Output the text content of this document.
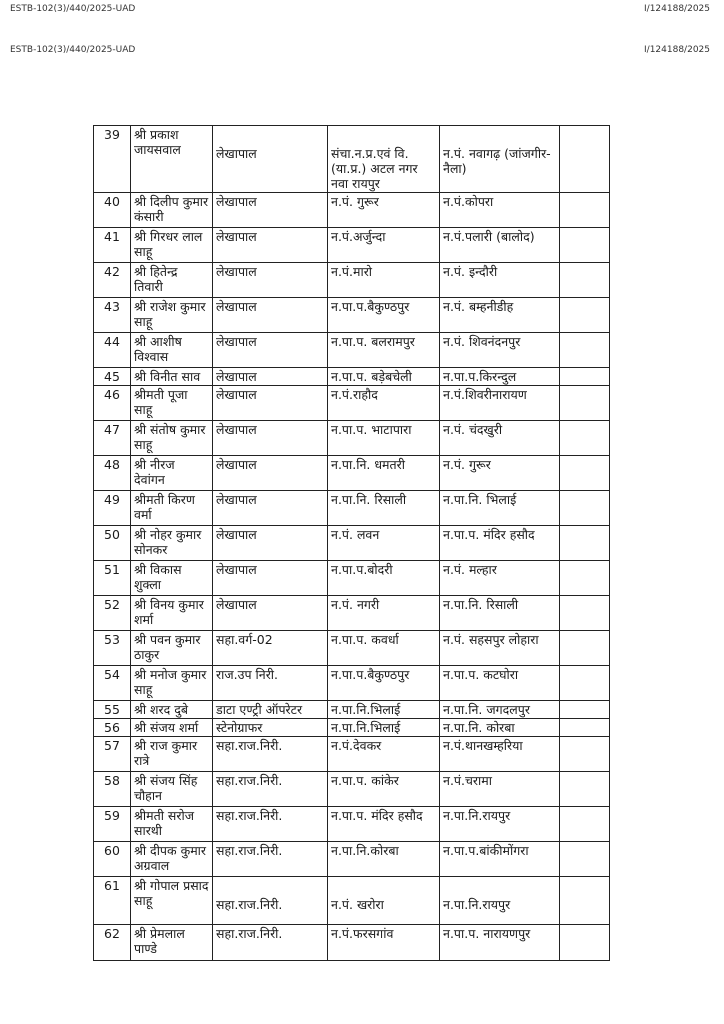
ESTB-102(3)/440/2025-UAD	I/124188/2025
ESTB-102(3)/440/2025-UAD	I/124188/2025
39	श्री प्रकाश जायसवाल	लेखापाल	संचा.न.प्र.एवं वि. (या.प्र.) अटल नगर नवा रायपुर	न.पं. नवागढ़ (जांजगीर-नैला)	
40	श्री दिलीप कुमार कंसारी	लेखापाल	न.पं. गुरूर	न.पं.कोपरा	
41	श्री गिरधर लाल साहू	लेखापाल	न.पं.अर्जुन्दा	न.पं.पलारी (बालोद)	
42	श्री हितेन्द्र तिवारी	लेखापाल	न.पं.मारो	न.पं. इन्दौरी	
43	श्री राजेश कुमार साहू	लेखापाल	न.पा.प.बैकुण्ठपुर	न.पं. बम्हनीडीह	
44	श्री आशीष विश्वास	लेखापाल	न.पा.प. बलरामपुर	न.पं. शिवनंदनपुर	
45	श्री विनीत साव	लेखापाल	न.पा.प. बड़ेबचेली	न.पा.प.किरन्दुल	
46	श्रीमती पूजा साहू	लेखापाल	न.पं.राहौद	न.पं.शिवरीनारायण	
47	श्री संतोष कुमार साहू	लेखापाल	न.पा.प. भाटापारा	न.पं. चंदखुरी	
48	श्री नीरज देवांगन	लेखापाल	न.पा.नि. धमतरी	न.पं. गुरूर	
49	श्रीमती किरण वर्मा	लेखापाल	न.पा.नि. रिसाली	न.पा.नि. भिलाई	
50	श्री नोहर कुमार सोनकर	लेखापाल	न.पं. लवन	न.पा.प. मंदिर हसौद	
51	श्री विकास शुक्ला	लेखापाल	न.पा.प.बोदरी	न.पं. मल्हार	
52	श्री विनय कुमार शर्मा	लेखापाल	न.पं. नगरी	न.पा.नि. रिसाली	
53	श्री पवन कुमार ठाकुर	सहा.वर्ग-02	न.पा.प. कवर्धा	न.पं. सहसपुर लोहारा	
54	श्री मनोज कुमार साहू	राज.उप निरी.	न.पा.प.बैकुण्ठपुर	न.पा.प. कटघोरा	
55	श्री शरद दुबे	डाटा एण्ट्री ऑपरेटर	न.पा.नि.भिलाई	न.पा.नि. जगदलपुर	
56	श्री संजय शर्मा	स्टेनोग्राफर	न.पा.नि.भिलाई	न.पा.नि. कोरबा	
57	श्री राज कुमार रात्रे	सहा.राज.निरी.	न.पं.देवकर	न.पं.थानखम्हरिया	
58	श्री संजय सिंह चौहान	सहा.राज.निरी.	न.पा.प. कांकेर	न.पं.चरामा	
59	श्रीमती सरोज सारथी	सहा.राज.निरी.	न.पा.प. मंदिर हसौद	न.पा.नि.रायपुर	
60	श्री दीपक कुमार अग्रवाल	सहा.राज.निरी.	न.पा.नि.कोरबा	न.पा.प.बांकीमोंगरा	
61	श्री गोपाल प्रसाद साहू	सहा.राज.निरी.	न.पं. खरोरा	न.पा.नि.रायपुर	
62	श्री प्रेमलाल पाण्डे	सहा.राज.निरी.	न.पं.फरसगांव	न.पा.प. नारायणपुर	
